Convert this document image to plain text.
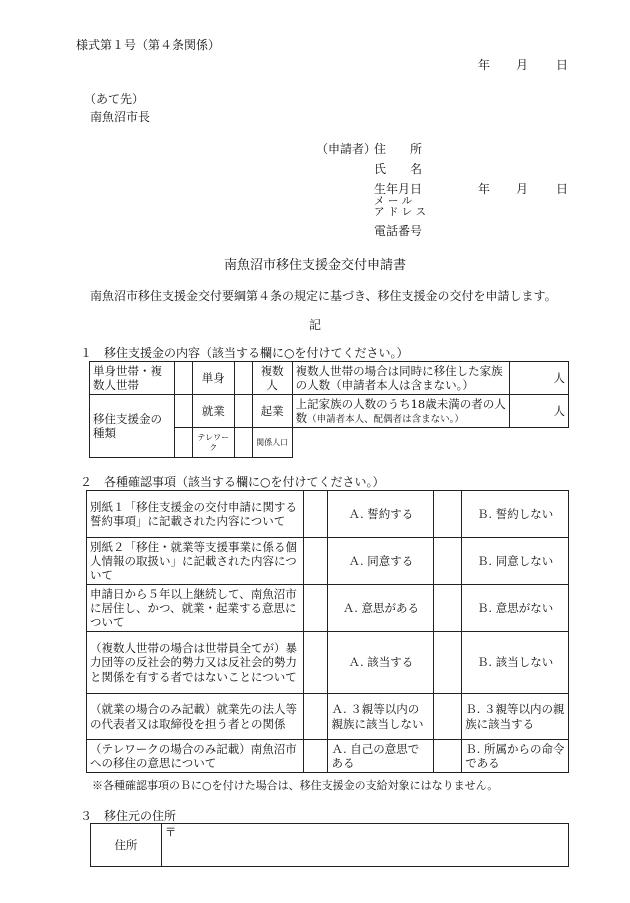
様式第１号（第４条関係）
年 月 日
（あて先）
南魚沼市長
（申請者）
住　　所
氏　　名
生年月日	年 月 日
メ ー ル
ア ド レ ス
電話番号
南魚沼市移住支援金交付申請書
南魚沼市移住支援金交付要綱第４条の規定に基づき、移住支援金の交付を申請します。
記
１　移住支援金の内容（該当する欄に○を付けてください。）
単身世帯・複数人世帯		単身		複数人	複数人世帯の場合は同時に移住した家族の人数（申請者本人は含まない。）	人
移住支援金の種類		就業		起業	上記家族の人数のうち18歳未満の者の人数（申請者本人、配偶者は含まない。）	人
		テレワーク		関係人口		
２　各種確認事項（該当する欄に○を付けてください。）
別紙１「移住支援金の交付申請に関する誓約事項」に記載された内容について		Ａ. 誓約する		Ｂ. 誓約しない
別紙２「移住・就業等支援事業に係る個人情報の取扱い」に記載された内容について		Ａ. 同意する		Ｂ. 同意しない
申請日から５年以上継続して、南魚沼市に居住し、かつ、就業・起業する意思について		Ａ. 意思がある		Ｂ. 意思がない
（複数人世帯の場合は世帯員全てが）暴力団等の反社会的勢力又は反社会的勢力と関係を有する者ではないことについて		Ａ. 該当する		Ｂ. 該当しない
（就業の場合のみ記載）就業先の法人等の代表者又は取締役を担う者との関係		Ａ. ３親等以内の親族に該当しない		Ｂ. ３親等以内の親族に該当する
（テレワークの場合のみ記載）南魚沼市への移住の意思について		Ａ. 自己の意思である		Ｂ. 所属からの命令である
※各種確認事項のＢに○を付けた場合は、移住支援金の支給対象にはなりません。
３　移住元の住所
住所	〒
